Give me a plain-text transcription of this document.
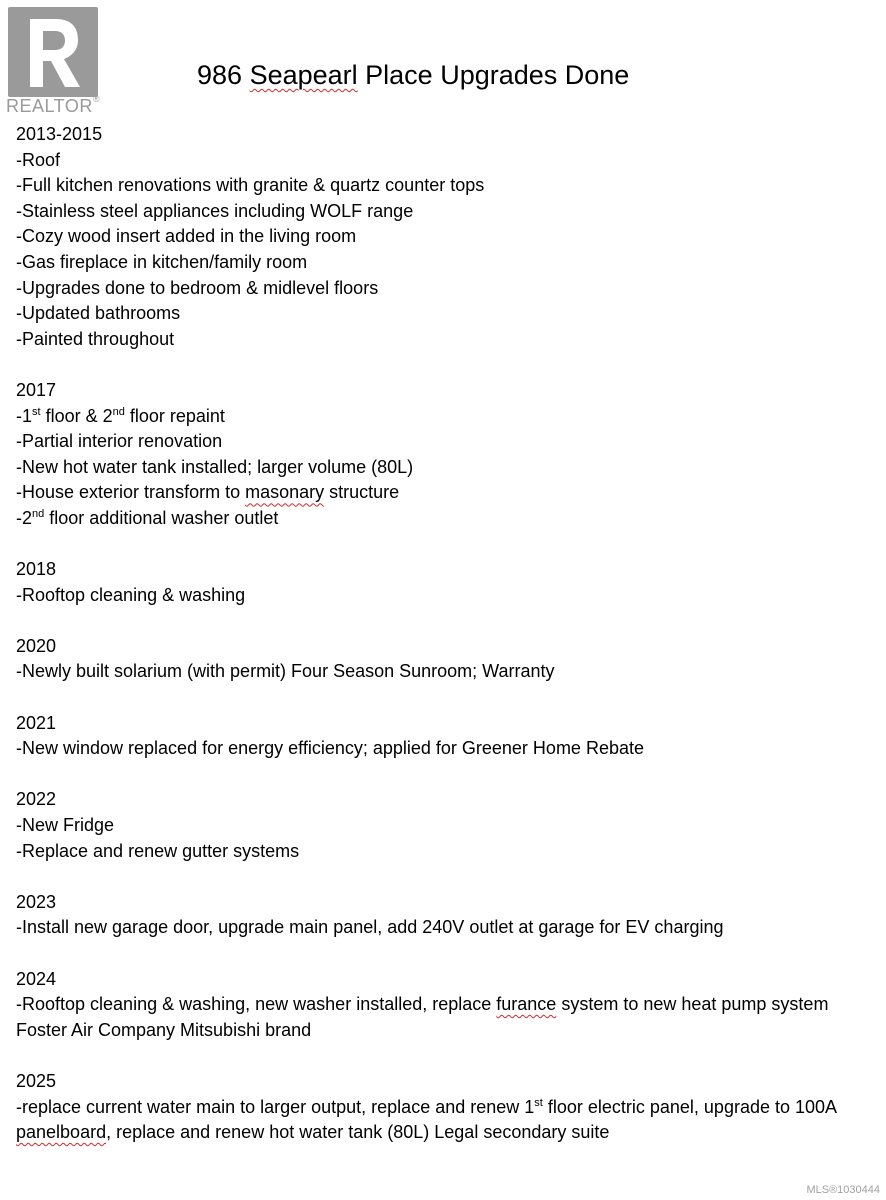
REALTOR®
986 Seapearl Place Upgrades Done
2013-2015
-Roof
-Full kitchen renovations with granite & quartz counter tops
-Stainless steel appliances including WOLF range
-Cozy wood insert added in the living room
-Gas fireplace in kitchen/family room
-Upgrades done to bedroom & midlevel floors
-Updated bathrooms
-Painted throughout
2017
-1st floor & 2nd floor repaint
-Partial interior renovation
-New hot water tank installed; larger volume (80L)
-House exterior transform to masonary structure
-2nd floor additional washer outlet
2018
-Rooftop cleaning & washing
2020
-Newly built solarium (with permit) Four Season Sunroom; Warranty
2021
-New window replaced for energy efficiency; applied for Greener Home Rebate
2022
-New Fridge
-Replace and renew gutter systems
2023
-Install new garage door, upgrade main panel, add 240V outlet at garage for EV charging
2024
-Rooftop cleaning & washing, new washer installed, replace furance system to new heat pump system Foster Air Company Mitsubishi brand
2025
-replace current water main to larger output, replace and renew 1st floor electric panel, upgrade to 100A panelboard, replace and renew hot water tank (80L) Legal secondary suite
MLS®1030444
